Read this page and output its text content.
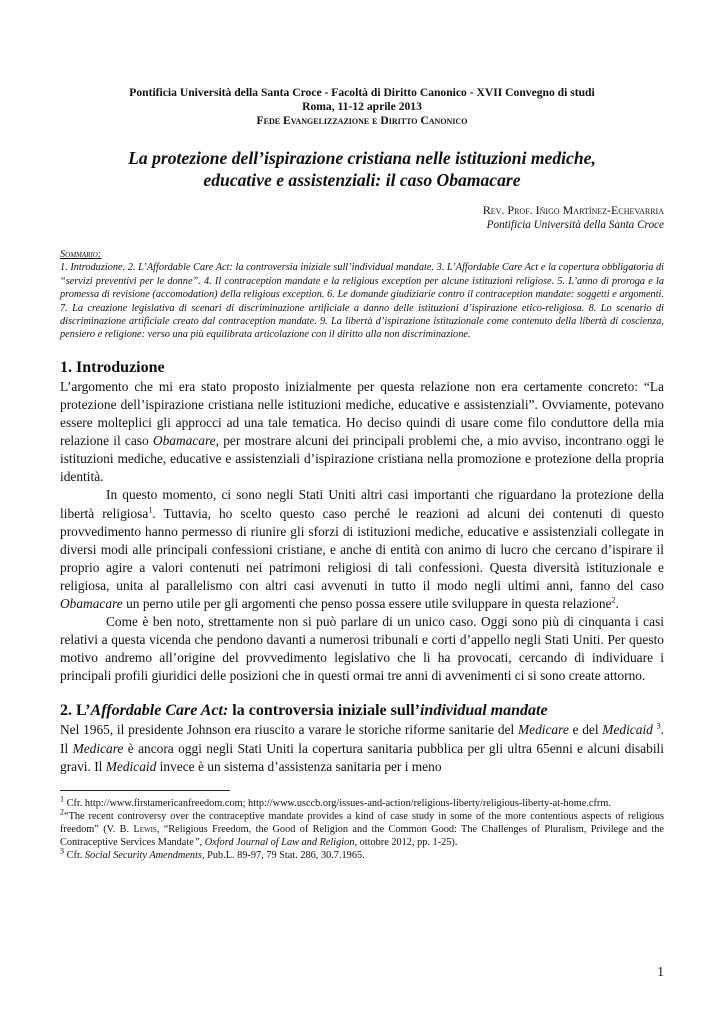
Pontificia Università della Santa Croce - Facoltà di Diritto Canonico - XVII Convegno di studi
Roma, 11-12 aprile 2013
Fede Evangelizzazione e Diritto Canonico
La protezione dell’ispirazione cristiana nelle istituzioni mediche,
educative e assistenziali: il caso Obamacare
Rev. Prof. Iñigo Martínez-Echevarria
Pontificia Università della Santa Croce
Sommario:
1. Introduzione. 2. L’Affordable Care Act: la controversia iniziale sull’individual mandate. 3. L’Affordable Care Act e la copertura obbligatoria di “servizi preventivi per le donne”. 4. Il contraception mandate e la religious exception per alcune istituzioni religiose. 5. L’anno di proroga e la promessa di revisione (accomodation) della religious exception. 6. Le domande giudiziarie contro il contraception mandate: soggetti e argomenti. 7. La creazione legislativa di scenari di discriminazione artificiale a danno delle istituzioni d’ispirazione etico-religiosa. 8. Lo scenario di discriminazione artificiale creato dal contraception mandate. 9. La libertà d’ispirazione istituzionale come contenuto della libertà di coscienza, pensiero e religione: verso una più equilibrata articolazione con il diritto alla non discriminazione.
1. Introduzione

L’argomento che mi era stato proposto inizialmente per questa relazione non era certamente concreto: “La protezione dell’ispirazione cristiana nelle istituzioni mediche, educative e assistenziali”. Ovviamente, potevano essere molteplici gli approcci ad una tale tematica. Ho deciso quindi di usare come filo conduttore della mia relazione il caso Obamacare, per mostrare alcuni dei principali problemi che, a mio avviso, incontrano oggi le istituzioni mediche, educative e assistenziali d’ispirazione cristiana nella promozione e protezione della propria identità.

In questo momento, ci sono negli Stati Uniti altri casi importanti che riguardano la protezione della libertà religiosa$^1$. Tuttavia, ho scelto questo caso perché le reazioni ad alcuni dei contenuti di questo provvedimento hanno permesso di riunire gli sforzi di istituzioni mediche, educative e assistenziali collegate in diversi modi alle principali confessioni cristiane, e anche di entità con animo di lucro che cercano d’ispirare il proprio agire a valori contenuti nei patrimoni religiosi di tali confessioni. Questa diversità istituzionale e religiosa, unita al parallelismo con altri casi avvenuti in tutto il modo negli ultimi anni, fanno del caso Obamacare un perno utile per gli argomenti che penso possa essere utile sviluppare in questa relazione$^2$.

Come è ben noto, strettamente non si può parlare di un unico caso. Oggi sono più di cinquanta i casi relativi a questa vicenda che pendono davanti a numerosi tribunali e corti d’appello negli Stati Uniti. Per questo motivo andremo all’origine del provvedimento legislativo che li ha provocati, cercando di individuare i principali profili giuridici delle posizioni che in questi ormai tre anni di avvenimenti ci si sono create attorno.

2. L’Affordable Care Act: la controversia iniziale sull’individual mandate

Nel 1965, il presidente Johnson era riuscito a varare le storiche riforme sanitarie del Medicare e del Medicaid $^3$. Il Medicare è ancora oggi negli Stati Uniti la copertura sanitaria pubblica per gli ultra 65enni e alcuni disabili gravi. Il Medicaid invece è un sistema d’assistenza sanitaria per i meno

$^1$ Cfr. http://www.firstamericanfreedom.com; http://www.usccb.org/issues-and-action/religious-liberty/religious-liberty-at-home.cfrm.

$^2$“The recent controversy over the contraceptive mandate provides a kind of case study in some of the more contentious aspects of religious freedom” (V. B. Lewis, “Religious Freedom, the Good of Religion and the Common Good: The Challenges of Pluralism, Privilege and the Contraceptive Services Mandate”, Oxford Journal of Law and Religion, ottobre 2012, pp. 1-25).

$^3$ Cfr. Social Security Amendments, Pub.L. 89-97, 79 Stat. 286, 30.7.1965.

1
